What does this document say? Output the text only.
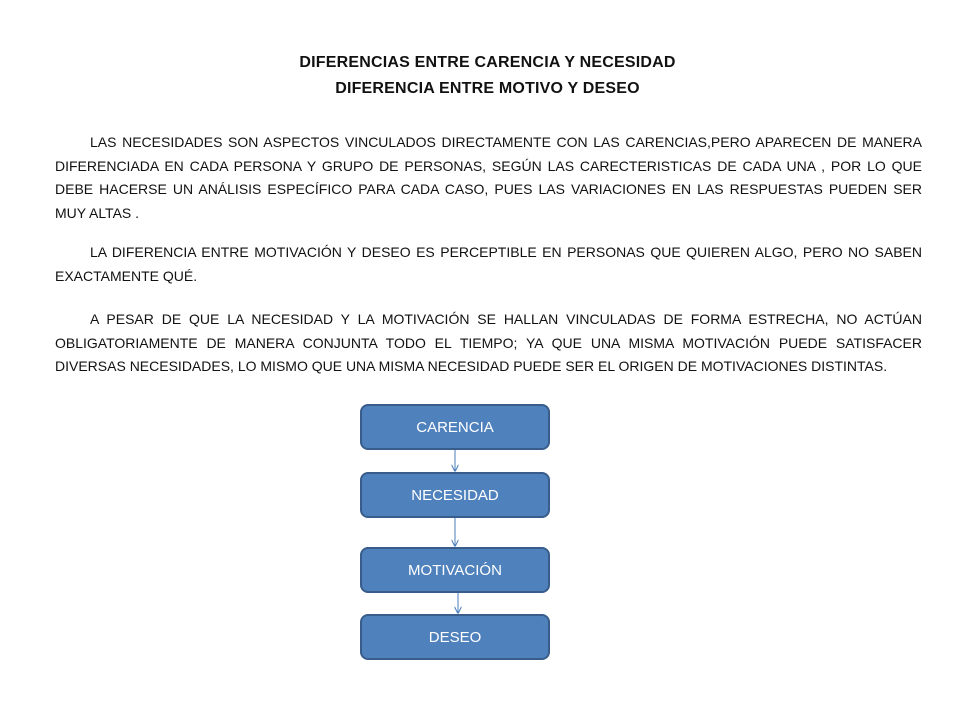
DIFERENCIAS ENTRE CARENCIA Y NECESIDAD
DIFERENCIA ENTRE MOTIVO Y DESEO

LAS NECESIDADES SON ASPECTOS VINCULADOS DIRECTAMENTE CON LAS CARENCIAS,PERO APARECEN DE MANERA DIFERENCIADA EN CADA PERSONA Y GRUPO DE PERSONAS, SEGÚN LAS CARECTERISTICAS DE CADA UNA , POR LO QUE DEBE HACERSE UN ANÁLISIS ESPECÍFICO PARA CADA CASO, PUES LAS VARIACIONES EN LAS RESPUESTAS PUEDEN SER MUY ALTAS .

LA DIFERENCIA ENTRE MOTIVACIÓN Y DESEO ES PERCEPTIBLE EN PERSONAS QUE QUIEREN ALGO, PERO NO SABEN EXACTAMENTE QUÉ.

A PESAR DE QUE LA NECESIDAD Y LA MOTIVACIÓN SE HALLAN VINCULADAS DE FORMA ESTRECHA, NO ACTÚAN OBLIGATORIAMENTE DE MANERA CONJUNTA TODO EL TIEMPO; YA QUE UNA MISMA MOTIVACIÓN PUEDE SATISFACER DIVERSAS NECESIDADES, LO MISMO QUE UNA MISMA NECESIDAD PUEDE SER EL ORIGEN DE MOTIVACIONES DISTINTAS.

CARENCIA
NECESIDAD
MOTIVACIÓN
DESEO
